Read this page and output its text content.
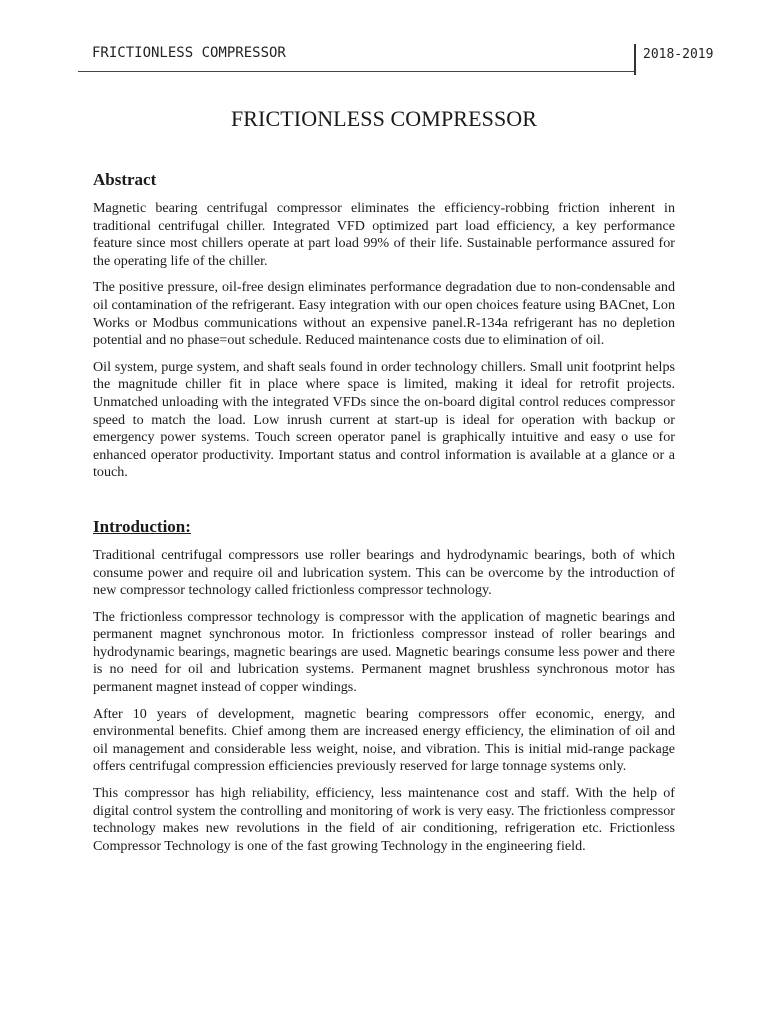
FRICTIONLESS COMPRESSOR	2018-2019
FRICTIONLESS COMPRESSOR
Abstract

Magnetic bearing centrifugal compressor eliminates the efficiency-robbing friction inherent in traditional centrifugal chiller. Integrated VFD optimized part load efficiency, a key performance feature since most chillers operate at part load 99% of their life. Sustainable performance assured for the operating life of the chiller.

The positive pressure, oil-free design eliminates performance degradation due to non-condensable and oil contamination of the refrigerant. Easy integration with our open choices feature using BACnet, Lon Works or Modbus communications without an expensive panel.R-134a refrigerant has no depletion potential and no phase=out schedule. Reduced maintenance costs due to elimination of oil.

Oil system, purge system, and shaft seals found in order technology chillers. Small unit footprint helps the magnitude chiller fit in place where space is limited, making it ideal for retrofit projects. Unmatched unloading with the integrated VFDs since the on-board digital control reduces compressor speed to match the load. Low inrush current at start-up is ideal for operation with backup or emergency power systems. Touch screen operator panel is graphically intuitive and easy o use for enhanced operator productivity. Important status and control information is available at a glance or a touch.

Introduction:

Traditional centrifugal compressors use roller bearings and hydrodynamic bearings, both of which consume power and require oil and lubrication system. This can be overcome by the introduction of new compressor technology called frictionless compressor technology.

The frictionless compressor technology is compressor with the application of magnetic bearings and permanent magnet synchronous motor. In frictionless compressor instead of roller bearings and hydrodynamic bearings, magnetic bearings are used. Magnetic bearings consume less power and there is no need for oil and lubrication systems. Permanent magnet brushless synchronous motor has permanent magnet instead of copper windings.

After 10 years of development, magnetic bearing compressors offer economic, energy, and environmental benefits. Chief among them are increased energy efficiency, the elimination of oil and oil management and considerable less weight, noise, and vibration. This is initial mid-range package offers centrifugal compression efficiencies previously reserved for large tonnage systems only.

This compressor has high reliability, efficiency, less maintenance cost and staff. With the help of digital control system the controlling and monitoring of work is very easy. The frictionless compressor technology makes new revolutions in the field of air conditioning, refrigeration etc. Frictionless Compressor Technology is one of the fast growing Technology in the engineering field.
